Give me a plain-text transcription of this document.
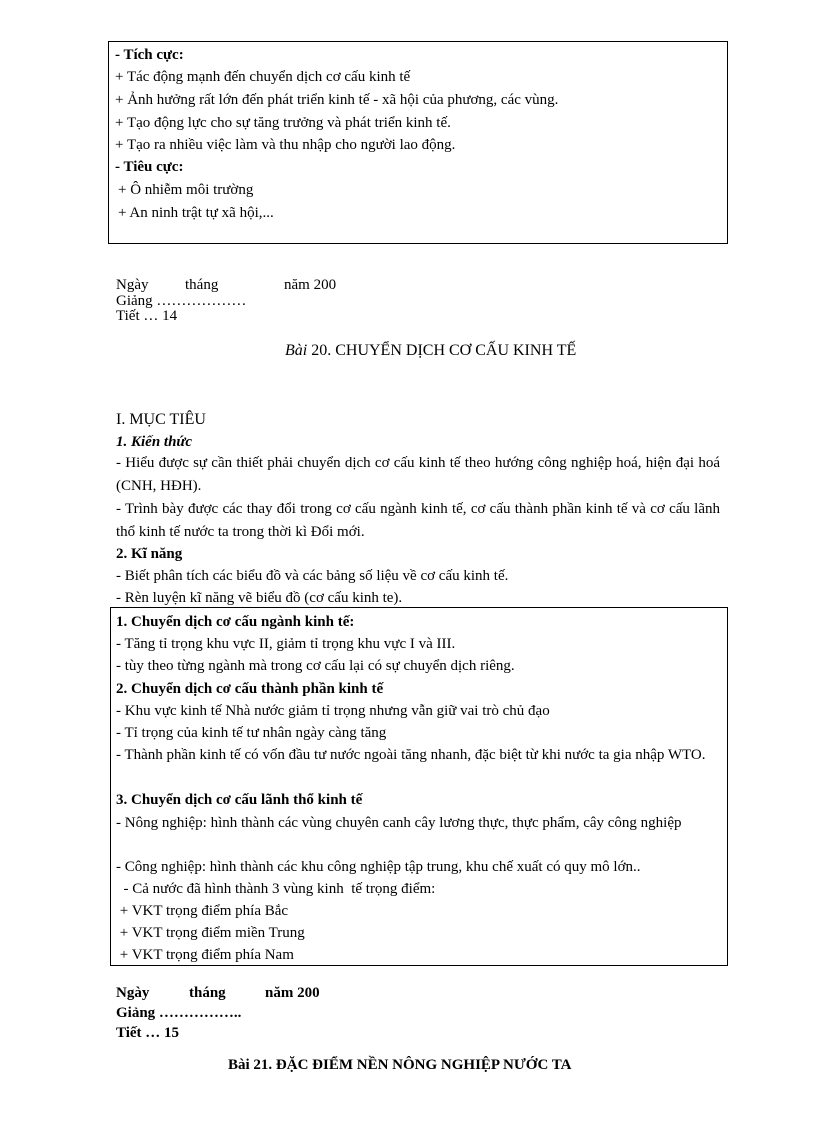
- Tích cực:
+ Tác động mạnh đến chuyển dịch cơ cấu kinh tế
+ Ảnh hưởng rất lớn đến phát triển kinh tế - xã hội của phương, các vùng.
+ Tạo động lực cho sự tăng trưởng và phát triển kinh tế.
+ Tạo ra nhiều việc làm và thu nhập cho người lao động.
- Tiêu cực:
+ Ô nhiễm môi trường
+ An ninh trật tự xã hội,...
Ngày tháng	năm 200
Giảng ………………
Tiết … 14
Bài 20. CHUYỂN DỊCH CƠ CẤU KINH TẾ
I. MỤC TIÊU
1. Kiến thức
- Hiểu được sự cần thiết phải chuyển dịch cơ cấu kinh tế theo hướng công nghiệp hoá, hiện đại hoá (CNH, HĐH).
- Trình bày được các thay đổi trong cơ cấu ngành kinh tế, cơ cấu thành phần kinh tế và cơ cấu lãnh thổ kinh tế nước ta trong thời kì Đổi mới.
2. Kĩ năng
- Biết phân tích các biểu đồ và các bảng số liệu về cơ cấu kinh tế.
- Rèn luyện kĩ năng vẽ biểu đồ (cơ cấu kinh te).
1. Chuyển dịch cơ cấu ngành kinh tế:
- Tăng tỉ trọng khu vực II, giảm tỉ trọng khu vực I và III.
- tùy theo từng ngành mà trong cơ cấu lại có sự chuyển dịch riêng.
2. Chuyển dịch cơ cấu thành phần kinh tế
- Khu vực kinh tế Nhà nước giảm tỉ trọng nhưng vẫn giữ vai trò chủ đạo
- Tỉ trọng của kinh tế tư nhân ngày càng tăng
- Thành phần kinh tế có vốn đầu tư nước ngoài tăng nhanh, đặc biệt từ khi nước ta gia nhập WTO.
3. Chuyển dịch cơ cấu lãnh thổ kinh tế
- Nông nghiệp: hình thành các vùng chuyên canh cây lương thực, thực phẩm, cây công nghiệp
- Công nghiệp: hình thành các khu công nghiệp tập trung, khu chế xuất có quy mô lớn..
- Cả nước đã hình thành 3 vùng kinh  tế trọng điểm:
+ VKT trọng điểm phía Bắc
+ VKT trọng điểm miền Trung
+ VKT trọng điểm phía Nam
Ngày	tháng	năm 200
Giảng ……………..
Tiết … 15
Bài 21. ĐẶC ĐIỂM NỀN NÔNG NGHIỆP NƯỚC TA
